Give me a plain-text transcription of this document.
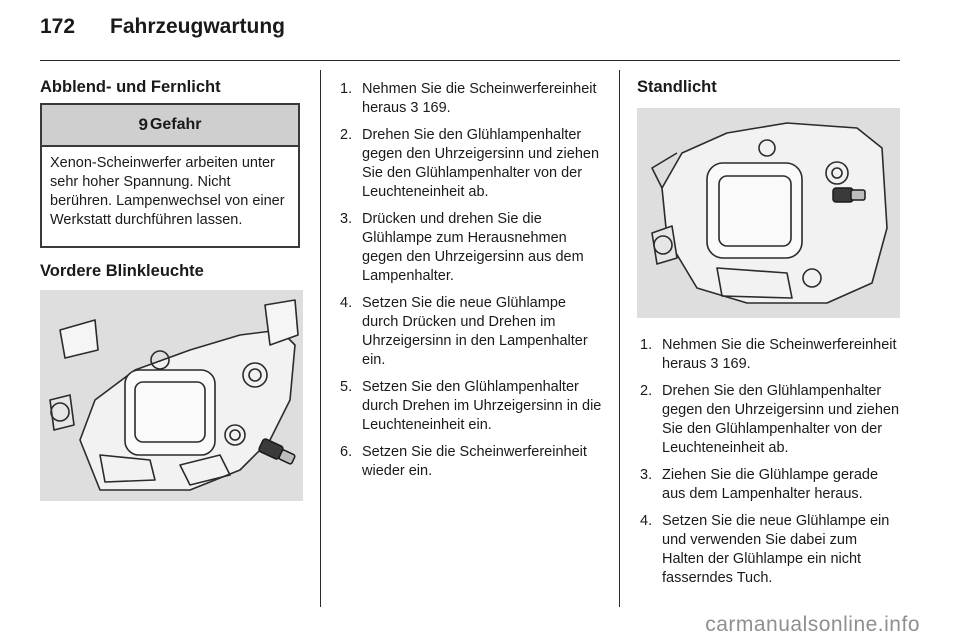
172 Fahrzeugwartung
Abblend- und Fernlicht
9 Gefahr
Xenon-Scheinwerfer arbeiten unter sehr hoher Spannung. Nicht berühren. Lampenwechsel von einer Werkstatt durchführen lassen.
Vordere Blinkleuchte
1. Nehmen Sie die Scheinwerfereinheit heraus 3 169.
2. Drehen Sie den Glühlampenhalter gegen den Uhrzeigersinn und ziehen Sie den Glühlampenhalter von der Leuchteneinheit ab.
3. Drücken und drehen Sie die Glühlampe zum Herausnehmen gegen den Uhrzeigersinn aus dem Lampenhalter.
4. Setzen Sie die neue Glühlampe durch Drücken und Drehen im Uhrzeigersinn in den Lampenhalter ein.
5. Setzen Sie den Glühlampenhalter durch Drehen im Uhrzeigersinn in die Leuchteneinheit ein.
6. Setzen Sie die Scheinwerfereinheit wieder ein.
Standlicht
1. Nehmen Sie die Scheinwerfereinheit heraus 3 169.
2. Drehen Sie den Glühlampenhalter gegen den Uhrzeigersinn und ziehen Sie den Glühlampenhalter von der Leuchteneinheit ab.
3. Ziehen Sie die Glühlampe gerade aus dem Lampenhalter heraus.
4. Setzen Sie die neue Glühlampe ein und verwenden Sie dabei zum Halten der Glühlampe ein nicht fasserndes Tuch.
carmanualsonline.info
